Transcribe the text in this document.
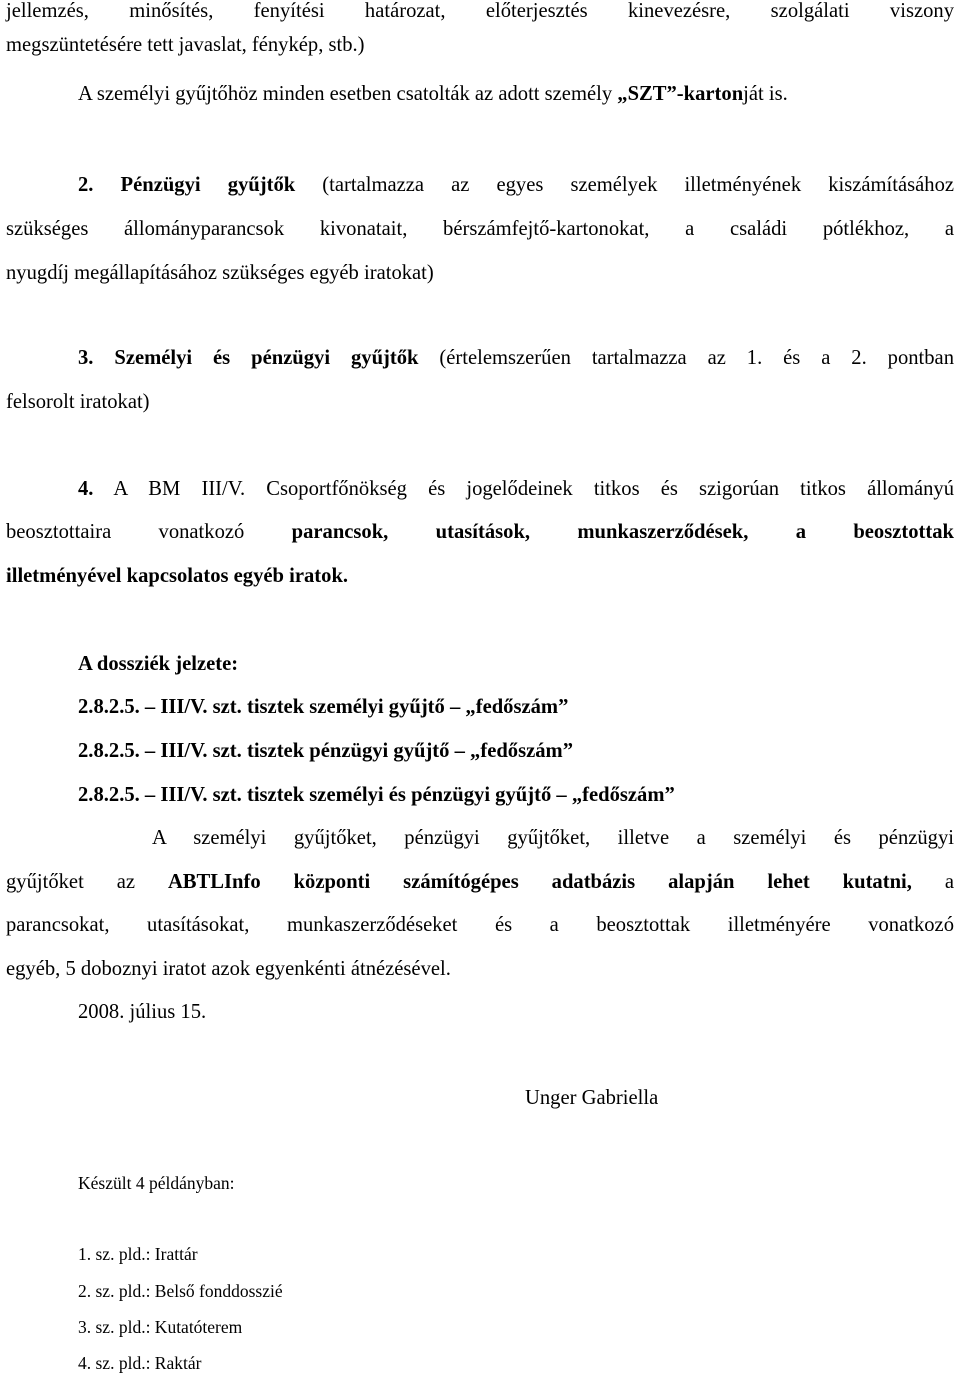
jellemzés, minősítés, fenyítési határozat, előterjesztés kinevezésre, szolgálati viszony
megszüntetésére tett javaslat, fénykép, stb.)
A személyi gyűjtőhöz minden esetben csatolták az adott személy „SZT”-kartonját is.
2. Pénzügyi gyűjtők (tartalmazza az egyes személyek illetményének kiszámításához
szükséges állományparancsok kivonatait, bérszámfejtő-kartonokat, a családi pótlékhoz, a
nyugdíj megállapításához szükséges egyéb iratokat)
3. Személyi és pénzügyi gyűjtők (értelemszerűen tartalmazza az 1. és a 2. pontban
felsorolt iratokat)
4. A BM III/V. Csoportfőnökség és jogelődeinek titkos és szigorúan titkos állományú
beosztottaira vonatkozó parancsok, utasítások, munkaszerződések, a beosztottak
illetményével kapcsolatos egyéb iratok.
A dossziék jelzete:
2.8.2.5. – III/V. szt. tisztek személyi gyűjtő – „fedőszám”
2.8.2.5. – III/V. szt. tisztek pénzügyi gyűjtő – „fedőszám”
2.8.2.5. – III/V. szt. tisztek személyi és pénzügyi gyűjtő – „fedőszám”
A személyi gyűjtőket, pénzügyi gyűjtőket, illetve a személyi és pénzügyi
gyűjtőket az ABTLInfo központi számítógépes adatbázis alapján lehet kutatni, a
parancsokat, utasításokat, munkaszerződéseket és a beosztottak illetményére vonatkozó
egyéb, 5 doboznyi iratot azok egyenkénti átnézésével.
2008. július 15.
Unger Gabriella
Készült 4 példányban:
1. sz. pld.: Irattár
2. sz. pld.: Belső fonddosszié
3. sz. pld.: Kutatóterem
4. sz. pld.: Raktár
